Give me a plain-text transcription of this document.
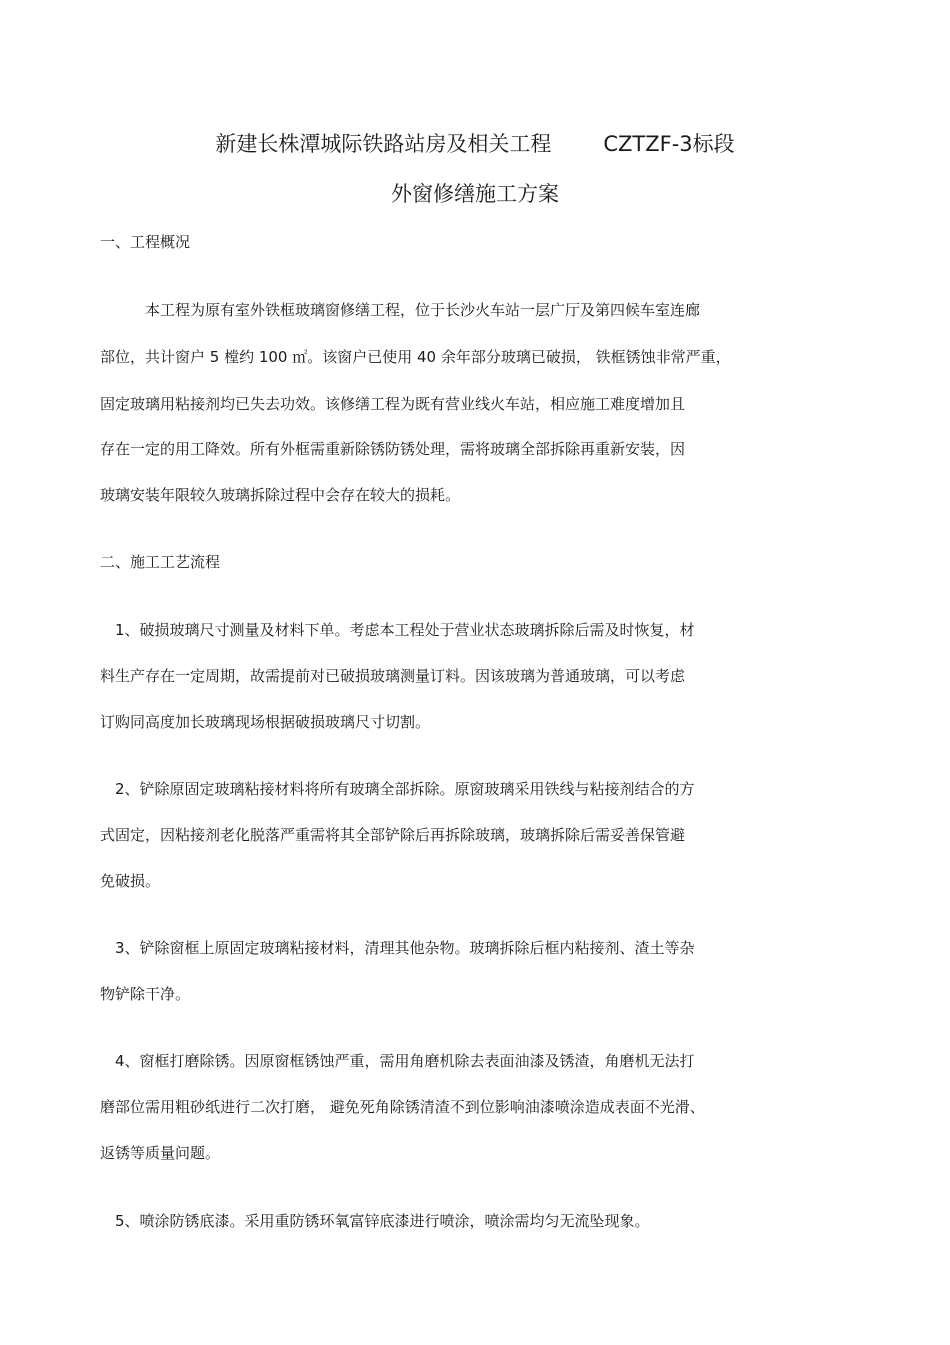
新建长株潭城际铁路站房及相关工程 CZTZF-3标段
外窗修缮施工方案
一、工程概况
本工程为原有室外铁框玻璃窗修缮工程，位于长沙火车站一层广厅及第四候车室连廊
部位，共计窗户 5 樘约 100 ㎡。该窗户已使用 40 余年部分玻璃已破损， 铁框锈蚀非常严重，
固定玻璃用粘接剂均已失去功效。该修缮工程为既有营业线火车站，相应施工难度增加且
存在一定的用工降效。所有外框需重新除锈防锈处理，需将玻璃全部拆除再重新安装，因
玻璃安装年限较久玻璃拆除过程中会存在较大的损耗。
二、施工工艺流程
1、破损玻璃尺寸测量及材料下单。考虑本工程处于营业状态玻璃拆除后需及时恢复，材
料生产存在一定周期，故需提前对已破损玻璃测量订料。因该玻璃为普通玻璃，可以考虑
订购同高度加长玻璃现场根据破损玻璃尺寸切割。
2、铲除原固定玻璃粘接材料将所有玻璃全部拆除。原窗玻璃采用铁线与粘接剂结合的方
式固定，因粘接剂老化脱落严重需将其全部铲除后再拆除玻璃，玻璃拆除后需妥善保管避
免破损。
3、铲除窗框上原固定玻璃粘接材料，清理其他杂物。玻璃拆除后框内粘接剂、渣土等杂
物铲除干净。
4、窗框打磨除锈。因原窗框锈蚀严重，需用角磨机除去表面油漆及锈渣，角磨机无法打
磨部位需用粗砂纸进行二次打磨， 避免死角除锈清渣不到位影响油漆喷涂造成表面不光滑、
返锈等质量问题。
5、喷涂防锈底漆。采用重防锈环氧富锌底漆进行喷涂，喷涂需均匀无流坠现象。
